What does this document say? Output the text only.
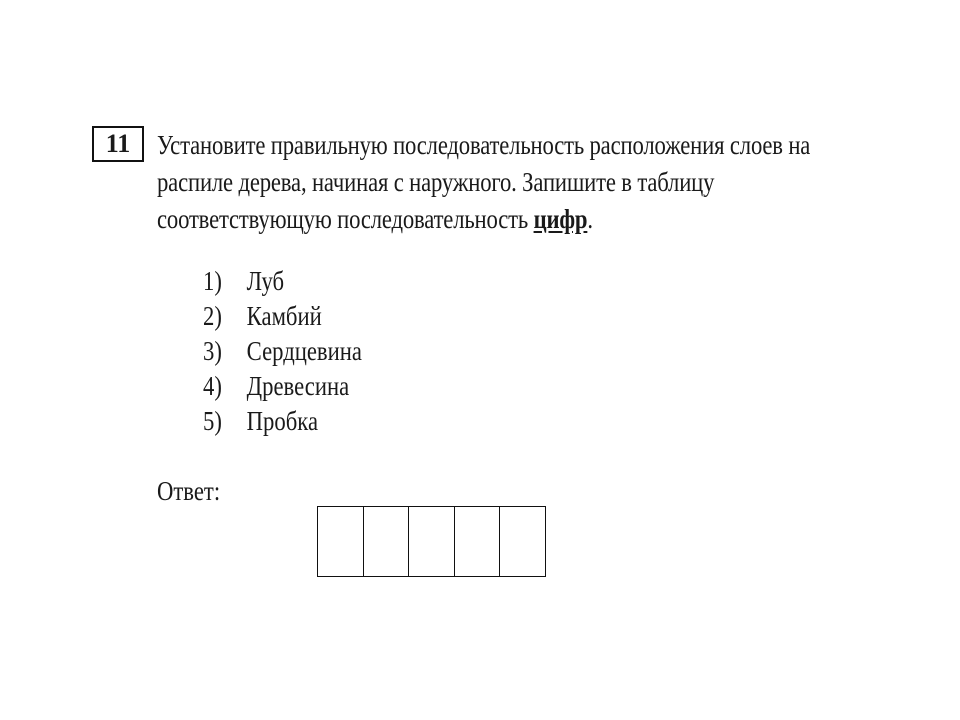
11 Установите правильную последовательность расположения слоев на
распиле дерева, начиная с наружного. Запишите в таблицу
соответствующую последовательность цифр.
1) Луб
2) Камбий
3) Сердцевина
4) Древесина
5) Пробка
Ответ:
